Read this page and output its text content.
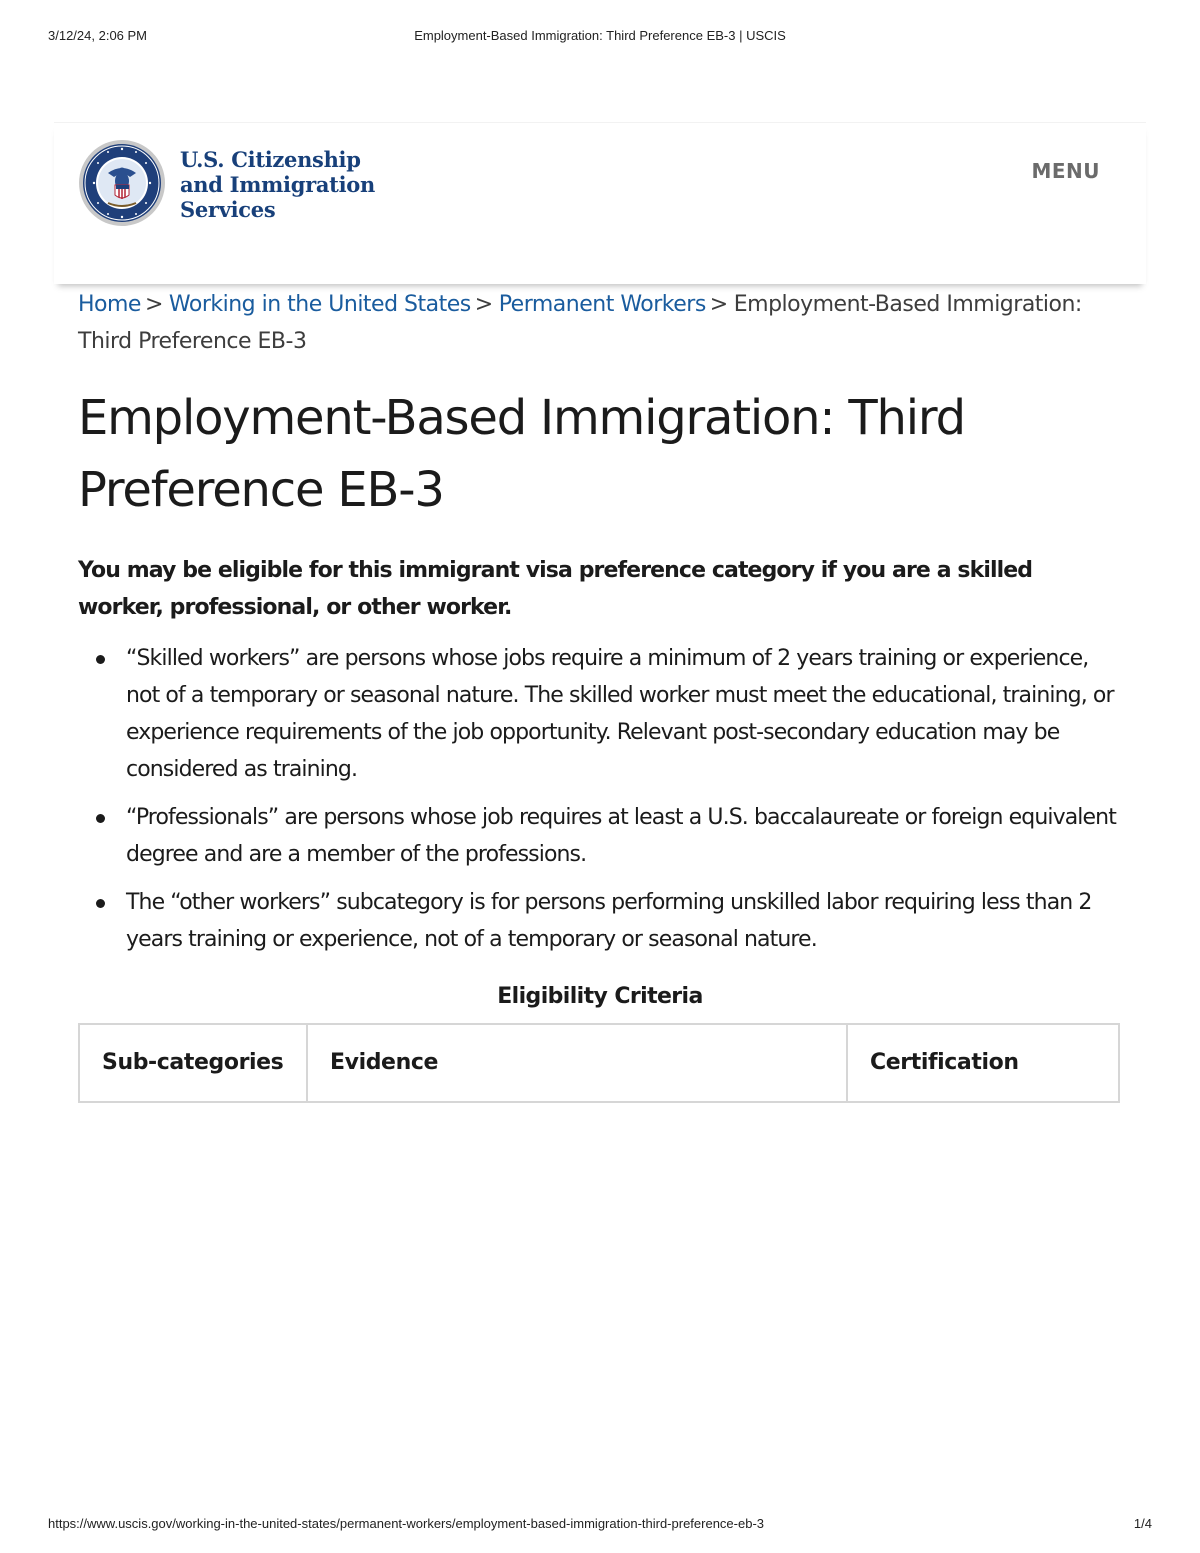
3/12/24, 2:06 PM	Employment-Based Immigration: Third Preference EB-3 | USCIS
U.S. Citizenship
and Immigration
Services
MENU
Home > Working in the United States > Permanent Workers > Employment-Based Immigration: Third Preference EB-3
Employment-Based Immigration: Third Preference EB-3

You may be eligible for this immigrant visa preference category if you are a skilled worker, professional, or other worker.

“Skilled workers” are persons whose jobs require a minimum of 2 years training or experience, not of a temporary or seasonal nature. The skilled worker must meet the educational, training, or experience requirements of the job opportunity. Relevant post-secondary education may be considered as training.
“Professionals” are persons whose job requires at least a U.S. baccalaureate or foreign equivalent degree and are a member of the professions.
The “other workers” subcategory is for persons performing unskilled labor requiring less than 2 years training or experience, not of a temporary or seasonal nature.
Eligibility Criteria
Sub-categories	Evidence	Certification
https://www.uscis.gov/working-in-the-united-states/permanent-workers/employment-based-immigration-third-preference-eb-3	1/4
